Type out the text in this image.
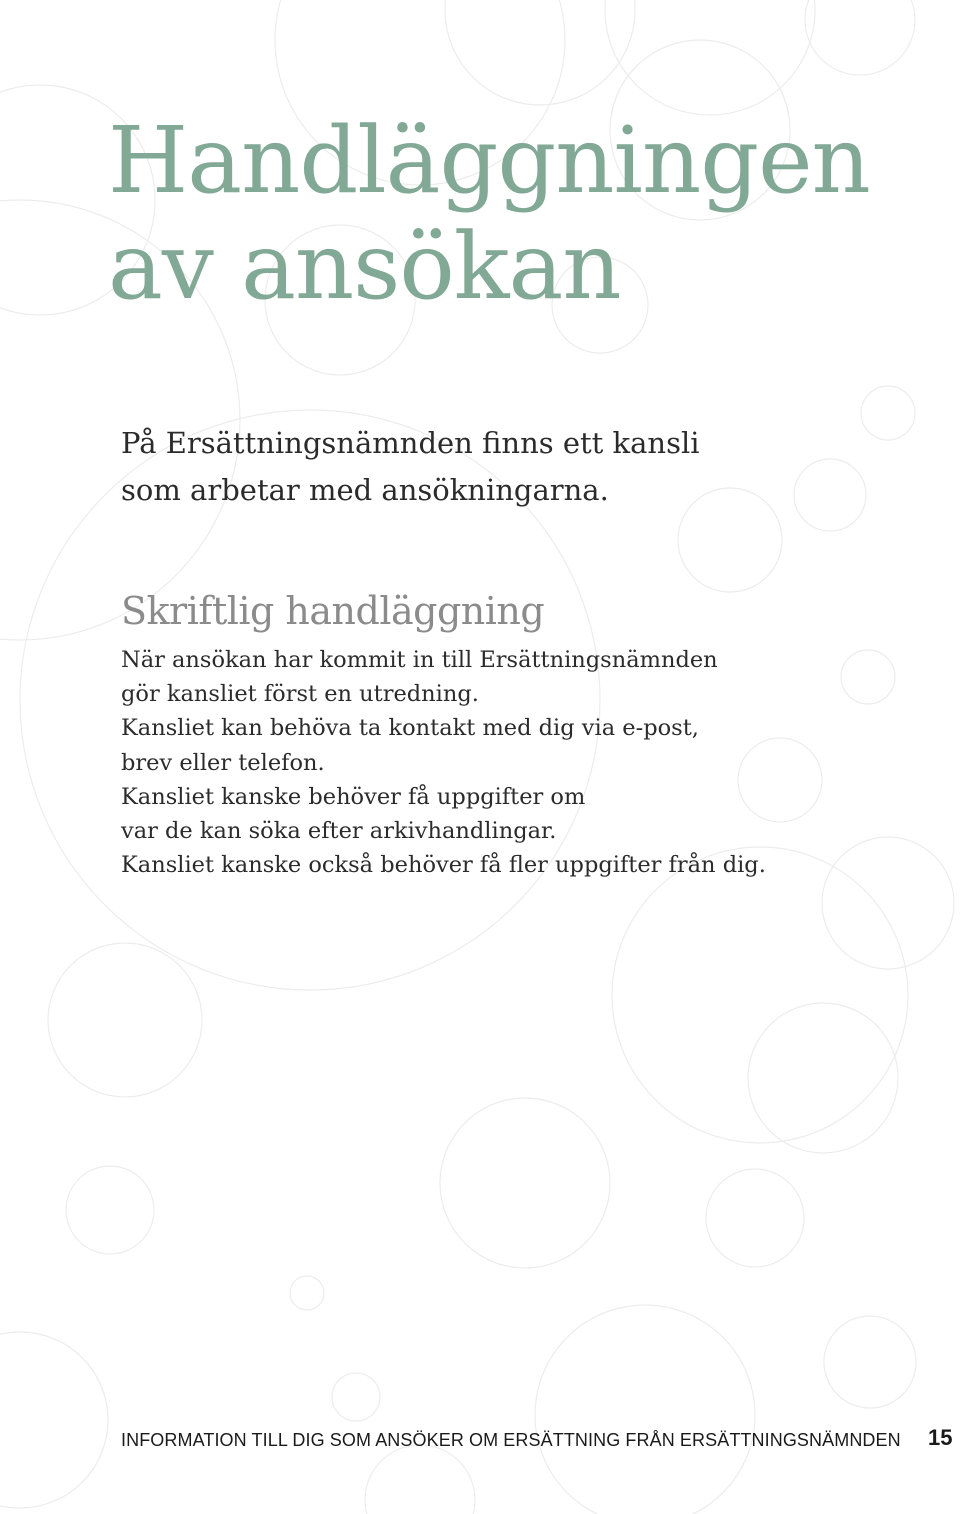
Handläggningen
av ansökan

På Ersättningsnämnden finns ett kansli
som arbetar med ansökningarna.

Skriftlig handläggning

När ansökan har kommit in till Ersättningsnämnden
gör kansliet först en utredning.
Kansliet kan behöva ta kontakt med dig via e-post,
brev eller telefon.
Kansliet kanske behöver få uppgifter om
var de kan söka efter arkivhandlingar.
Kansliet kanske också behöver få fler uppgifter från dig.

INFORMATION TILL DIG SOM ANSÖKER OM ERSÄTTNING FRÅN ERSÄTTNINGSNÄMNDEN 15
